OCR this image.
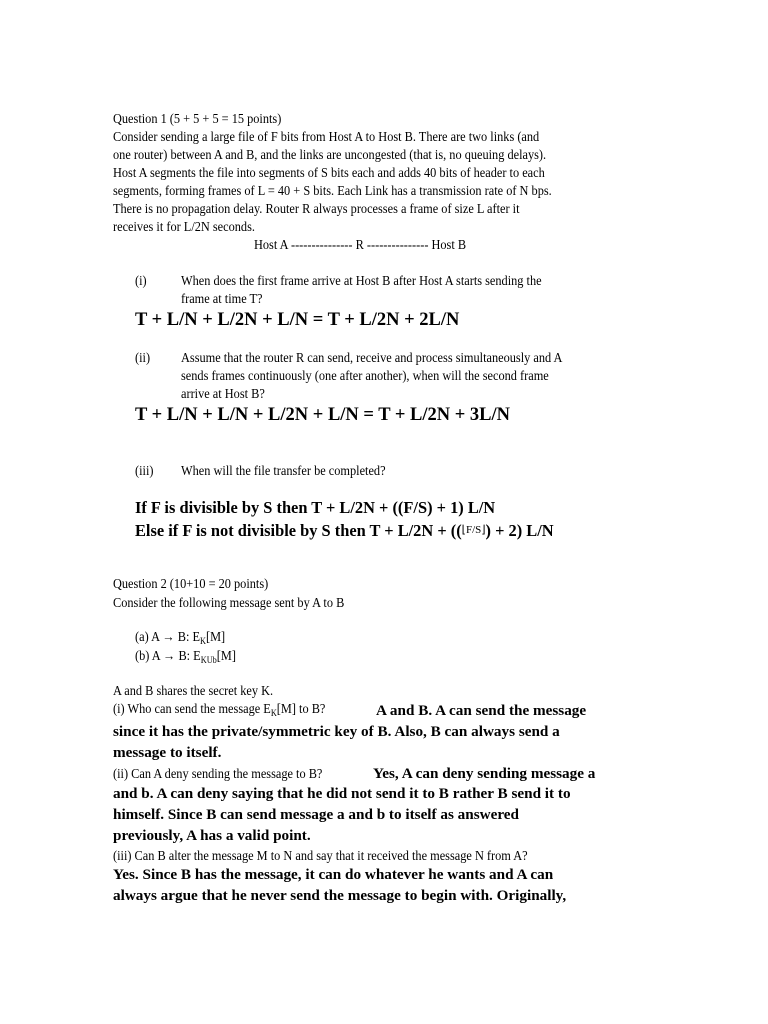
Question 1 (5 + 5 + 5 = 15 points)
Consider sending a large file of F bits from Host A to Host B. There are two links (and
one router) between A and B, and the links are uncongested (that is, no queuing delays).
Host A segments the file into segments of S bits each and adds 40 bits of header to each
segments, forming frames of L = 40 + S bits. Each Link has a transmission rate of N bps.
There is no propagation delay. Router R always processes a frame of size L after it
receives it for L/2N seconds.
Host A --------------- R --------------- Host B
(i)	When does the first frame arrive at Host B after Host A starts sending the
frame at time T?
T + L/N + L/2N + L/N = T + L/2N + 2L/N
(ii) Assume that the router R can send, receive and process simultaneously and A
sends frames continuously (one after another), when will the second frame
arrive at Host B?
T + L/N + L/N + L/2N + L/N = T + L/2N + 3L/N
(iii) When will the file transfer be completed?
If F is divisible by S then T + L/2N + ((F/S) + 1) L/N
Else if F is not divisible by S then T + L/2N + ((⌊F/S⌋) + 2) L/N
Question 2 (10+10 = 20 points)
Consider the following message sent by A to B
(a) A → B: $E_K[M]$
(b) A → B: $E_{KUb}[M]$
A and B shares the secret key K.
(i) Who can send the message $E_K[M]$ to B?	A and B. A can send the message
since it has the private/symmetric key of B. Also, B can always send a
message to itself.
(ii) Can A deny sending the message to B?	Yes, A can deny sending message a
and b. A can deny saying that he did not send it to B rather B send it to
himself. Since B can send message a and b to itself as answered
previously, A has a valid point.
(iii) Can B alter the message M to N and say that it received the message N from A?
Yes. Since B has the message, it can do whatever he wants and A can
always argue that he never send the message to begin with. Originally,
